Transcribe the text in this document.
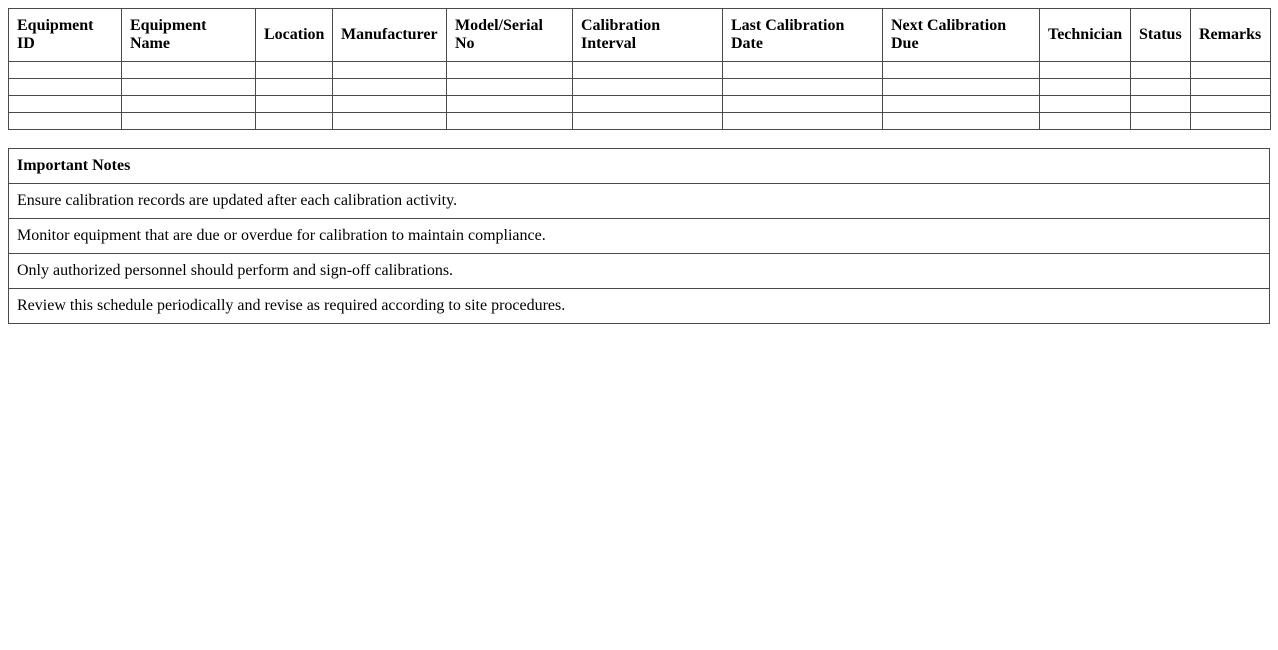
Equipment ID	Equipment Name	Location	Manufacturer	Model/Serial No	Calibration Interval	Last Calibration Date	Next Calibration Due	Technician	Status	Remarks

Important Notes
Ensure calibration records are updated after each calibration activity.
Monitor equipment that are due or overdue for calibration to maintain compliance.
Only authorized personnel should perform and sign-off calibrations.
Review this schedule periodically and revise as required according to site procedures.
